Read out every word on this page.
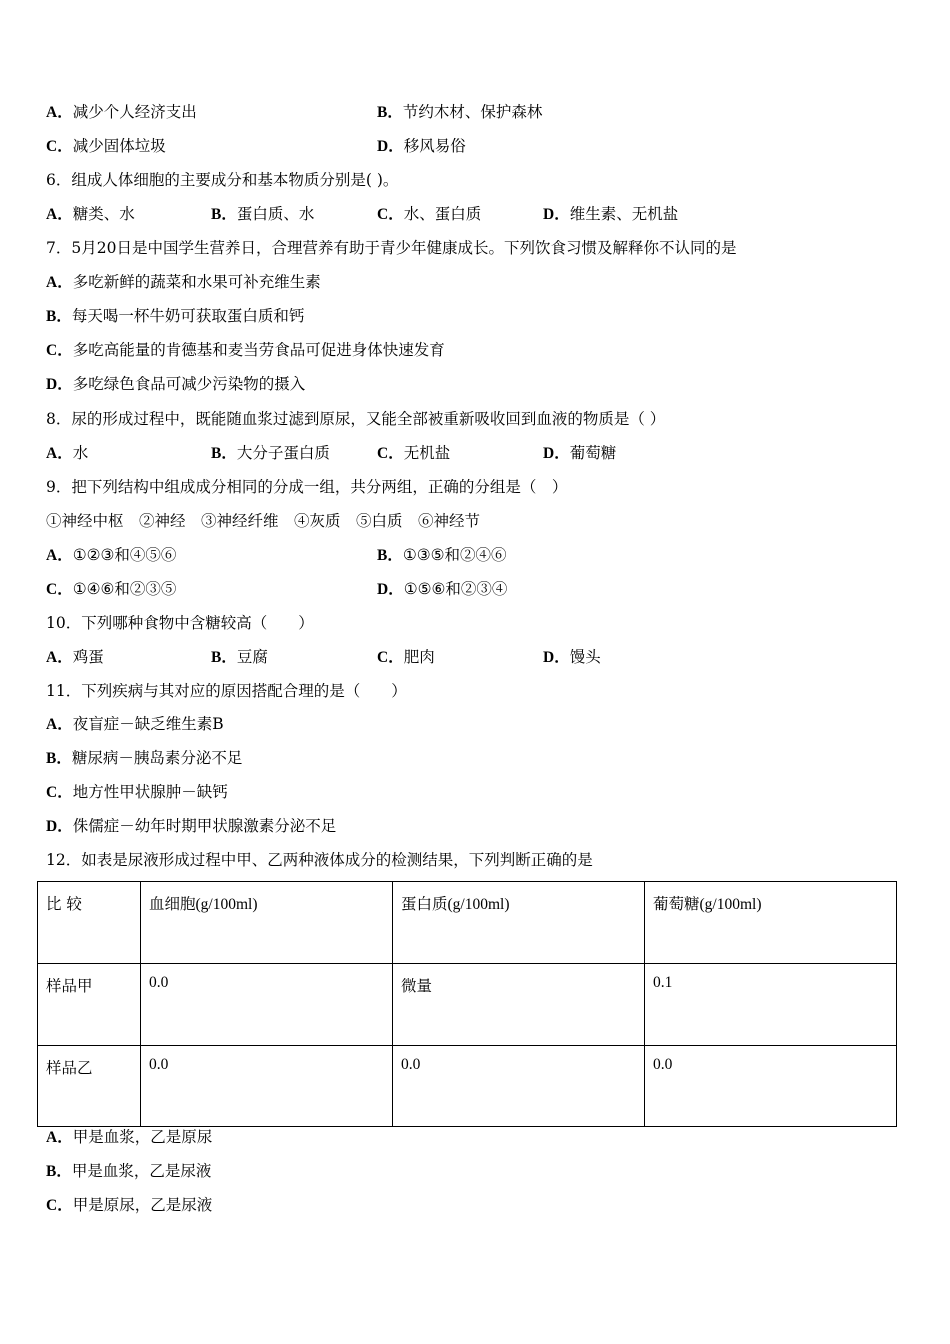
A．减少个人经济支出	B．节约木材、保护森林
C．减少固体垃圾	D．移风易俗
6．组成人体细胞的主要成分和基本物质分别是( )。
A．糖类、水	B．蛋白质、水	C．水、蛋白质	D．维生素、无机盐
7．5月20日是中国学生营养日，合理营养有助于青少年健康成长。下列饮食习惯及解释你不认同的是
A．多吃新鲜的蔬菜和水果可补充维生素
B．每天喝一杯牛奶可获取蛋白质和钙
C．多吃高能量的肯德基和麦当劳食品可促进身体快速发育
D．多吃绿色食品可减少污染物的摄入
8．尿的形成过程中，既能随血浆过滤到原尿，又能全部被重新吸收回到血液的物质是（ ）
A．水	B．大分子蛋白质	C．无机盐	D．葡萄糖
9．把下列结构中组成成分相同的分成一组，共分两组，正确的分组是（　）
①神经中枢　②神经　③神经纤维　④灰质　⑤白质　⑥神经节
A．①②③和④⑤⑥	B．①③⑤和②④⑥
C．①④⑥和②③⑤	D．①⑤⑥和②③④
10．下列哪种食物中含糖较高（　　）
A．鸡蛋	B．豆腐	C．肥肉	D．馒头
11．下列疾病与其对应的原因搭配合理的是（　　）
A．夜盲症－缺乏维生素B
B．糖尿病－胰岛素分泌不足
C．地方性甲状腺肿－缺钙
D．侏儒症－幼年时期甲状腺激素分泌不足
12．如表是尿液形成过程中甲、乙两种液体成分的检测结果，下列判断正确的是
比 较	血细胞(g/100ml)	蛋白质(g/100ml)	葡萄糖(g/100ml)
样品甲	0.0	微量	0.1
样品乙	0.0	0.0	0.0
A．甲是血浆，乙是原尿
B．甲是血浆，乙是尿液
C．甲是原尿，乙是尿液
